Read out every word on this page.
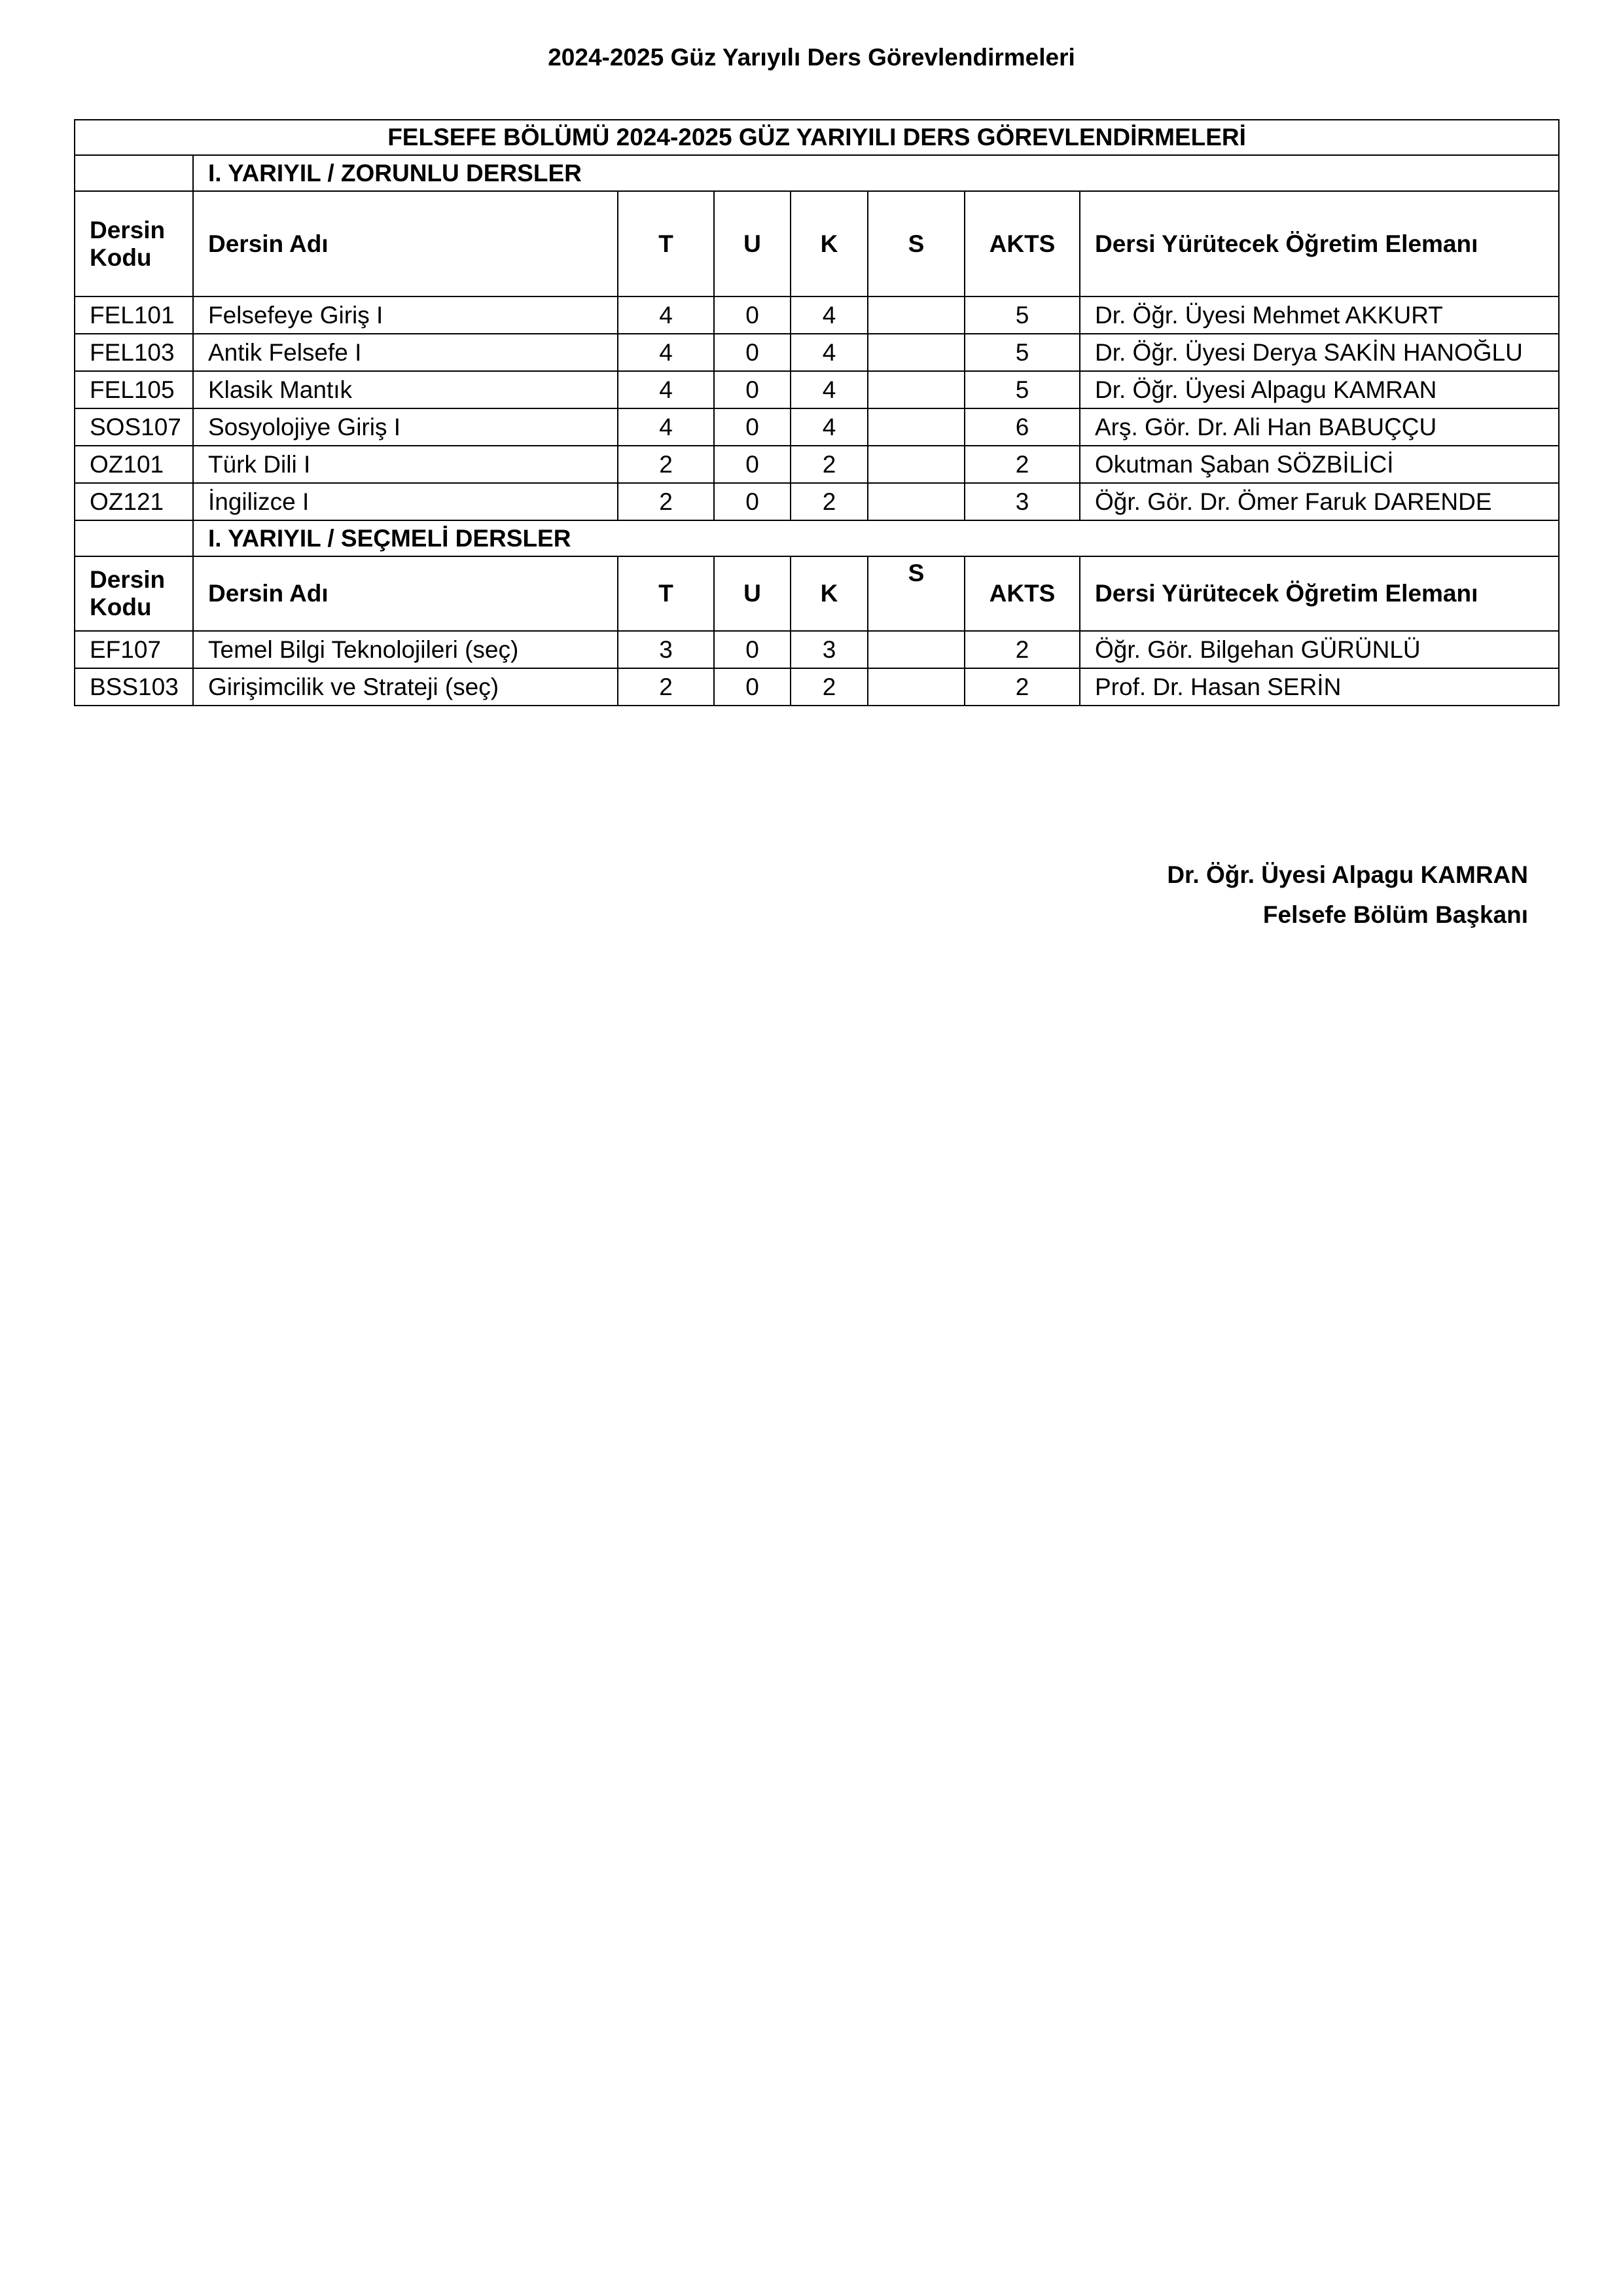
2024-2025 Güz Yarıyılı Ders Görevlendirmeleri
FELSEFE BÖLÜMÜ 2024-2025 GÜZ YARIYILI DERS GÖREVLENDİRMELERİ							
	I. YARIYIL / ZORUNLU DERSLER						

Dersin
Kodu	Dersin Adı	T	U	K	S	AKTS	Dersi Yürütecek Öğretim Elemanı
FEL101	Felsefeye Giriş I	4	0	4		5	Dr. Öğr. Üyesi Mehmet AKKURT
FEL103	Antik Felsefe I	4	0	4		5	Dr. Öğr. Üyesi Derya SAKİN HANOĞLU
FEL105	Klasik Mantık	4	0	4		5	Dr. Öğr. Üyesi Alpagu KAMRAN
SOS107	Sosyolojiye Giriş I	4	0	4		6	Arş. Gör. Dr. Ali Han BABUÇÇU
OZ101	Türk Dili I	2	0	2		2	Okutman Şaban SÖZBİLİCİ
OZ121	İngilizce I	2	0	2		3	Öğr. Gör. Dr. Ömer Faruk DARENDE
	I. YARIYIL / SEÇMELİ DERSLER						

Dersin
Kodu	Dersin Adı	T	U	K	S	AKTS	Dersi Yürütecek Öğretim Elemanı
EF107	Temel Bilgi Teknolojileri (seç)	3	0	3		2	Öğr. Gör. Bilgehan GÜRÜNLÜ
BSS103	Girişimcilik ve Strateji (seç)	2	0	2		2	Prof. Dr. Hasan SERİN
Dr. Öğr. Üyesi Alpagu KAMRAN
Felsefe Bölüm Başkanı
